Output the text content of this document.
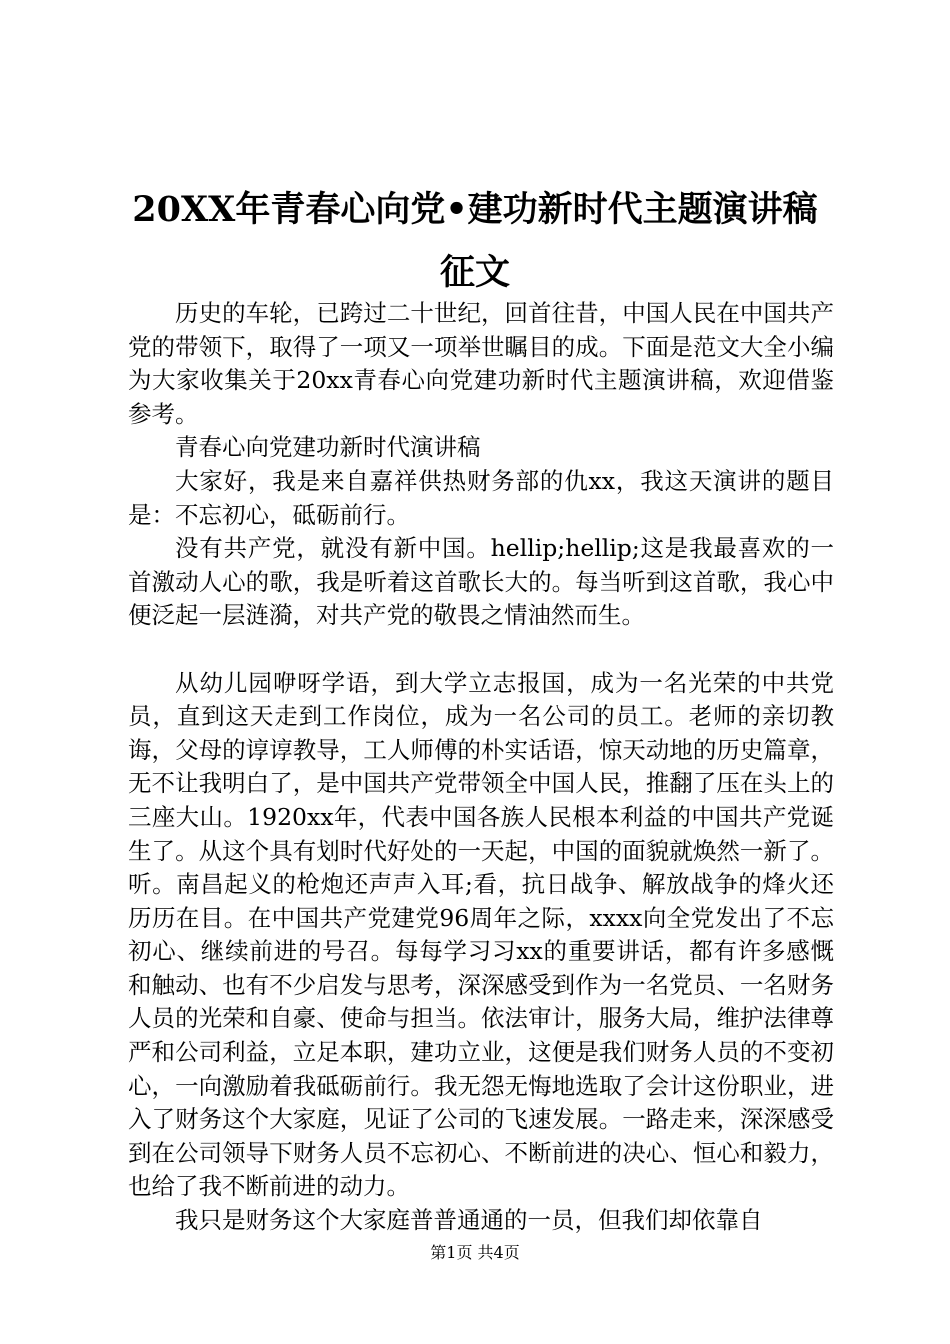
20XX年青春心向党•建功新时代主题演讲稿
征文

历史的车轮，已跨过二十世纪，回首往昔，中国人民在中国共产党的带领下，取得了一项又一项举世瞩目的成。下面是范文大全小编为大家收集关于20xx青春心向党建功新时代主题演讲稿，欢迎借鉴参考。

青春心向党建功新时代演讲稿

大家好，我是来自嘉祥供热财务部的仇xx，我这天演讲的题目是：不忘初心，砥砺前行。

没有共产党，就没有新中国。hellip;hellip;这是我最喜欢的一首激动人心的歌，我是听着这首歌长大的。每当听到这首歌，我心中便泛起一层涟漪，对共产党的敬畏之情油然而生。

从幼儿园咿呀学语，到大学立志报国，成为一名光荣的中共党员，直到这天走到工作岗位，成为一名公司的员工。老师的亲切教诲，父母的谆谆教导，工人师傅的朴实话语，惊天动地的历史篇章，无不让我明白了，是中国共产党带领全中国人民，推翻了压在头上的三座大山。1920xx年，代表中国各族人民根本利益的中国共产党诞生了。从这个具有划时代好处的一天起，中国的面貌就焕然一新了。听。南昌起义的枪炮还声声入耳;看，抗日战争、解放战争的烽火还历历在目。在中国共产党建党96周年之际，xxxx向全党发出了不忘初心、继续前进的号召。每每学习习xx的重要讲话，都有许多感慨和触动、也有不少启发与思考，深深感受到作为一名党员、一名财务人员的光荣和自豪、使命与担当。依法审计，服务大局，维护法律尊严和公司利益，立足本职，建功立业，这便是我们财务人员的不变初心，一向激励着我砥砺前行。我无怨无悔地选取了会计这份职业，进入了财务这个大家庭，见证了公司的飞速发展。一路走来，深深感受到在公司领导下财务人员不忘初心、不断前进的决心、恒心和毅力，也给了我不断前进的动力。

我只是财务这个大家庭普普通通的一员，但我们却依靠自

第1页 共4页
